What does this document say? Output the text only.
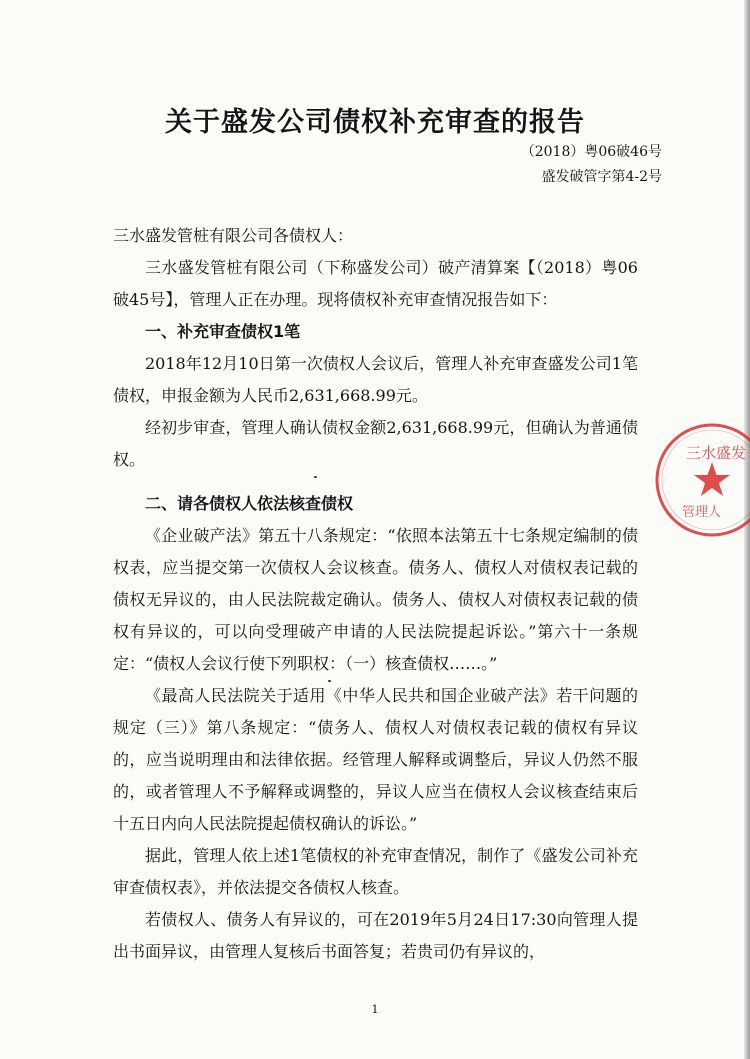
关于盛发公司债权补充审查的报告
（2018）粤06破46号
盛发破管字第4-2号

三水盛发管桩有限公司各债权人：

三水盛发管桩有限公司（下称盛发公司）破产清算案【（2018）粤06破45号】，管理人正在办理。现将债权补充审查情况报告如下：

一、补充审查债权1笔

2018年12月10日第一次债权人会议后，管理人补充审查盛发公司1笔债权，申报金额为人民币2,631,668.99元。

经初步审查，管理人确认债权金额2,631,668.99元，但确认为普通债权。

二、请各债权人依法核查债权

《企业破产法》第五十八条规定：“依照本法第五十七条规定编制的债权表，应当提交第一次债权人会议核查。债务人、债权人对债权表记载的债权无异议的，由人民法院裁定确认。债务人、债权人对债权表记载的债权有异议的，可以向受理破产申请的人民法院提起诉讼。”第六十一条规定：“债权人会议行使下列职权：（一）核查债权……。”

《最高人民法院关于适用《中华人民共和国企业破产法》若干问题的规定（三）》第八条规定：“债务人、债权人对债权表记载的债权有异议的，应当说明理由和法律依据。经管理人解释或调整后，异议人仍然不服的，或者管理人不予解释或调整的，异议人应当在债权人会议核查结束后十五日内向人民法院提起债权确认的诉讼。”

据此，管理人依上述1笔债权的补充审查情况，制作了《盛发公司补充审查债权表》，并依法提交各债权人核查。

若债权人、债务人有异议的，可在2019年5月24日17:30向管理人提出书面异议，由管理人复核后书面答复；若贵司仍有异议的，

1
三水盛发
管理人
